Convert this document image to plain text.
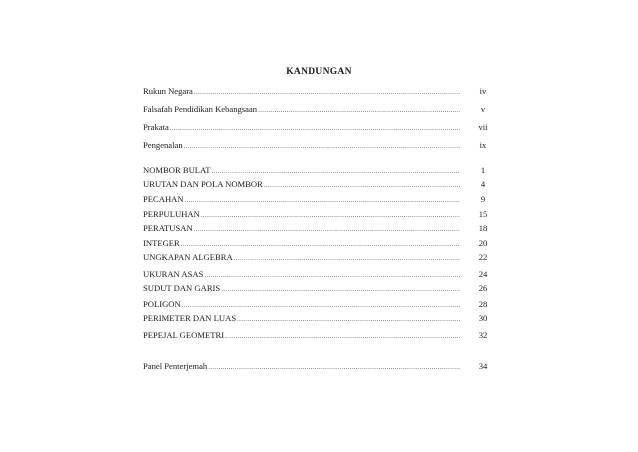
KANDUNGAN
Rukun Negara .....	iv
Falsafah Pendidikan Kebangsaan .....	v
Prakata .....	vii
Pengenalan .....	ix
NOMBOR BULAT .....	1
URUTAN DAN POLA NOMBOR .....	4
PECAHAN .....	9
PERPULUHAN .....	15
PERATUSAN .....	18
INTEGER .....	20
UNGKAPAN ALGEBRA .....	22
UKURAN ASAS .....	24
SUDUT DAN GARIS .....	26
POLIGON .....	28
PERIMETER DAN LUAS .....	30
PEPEJAL GEOMETRI .....	32
Panel Penterjemah .....	34
